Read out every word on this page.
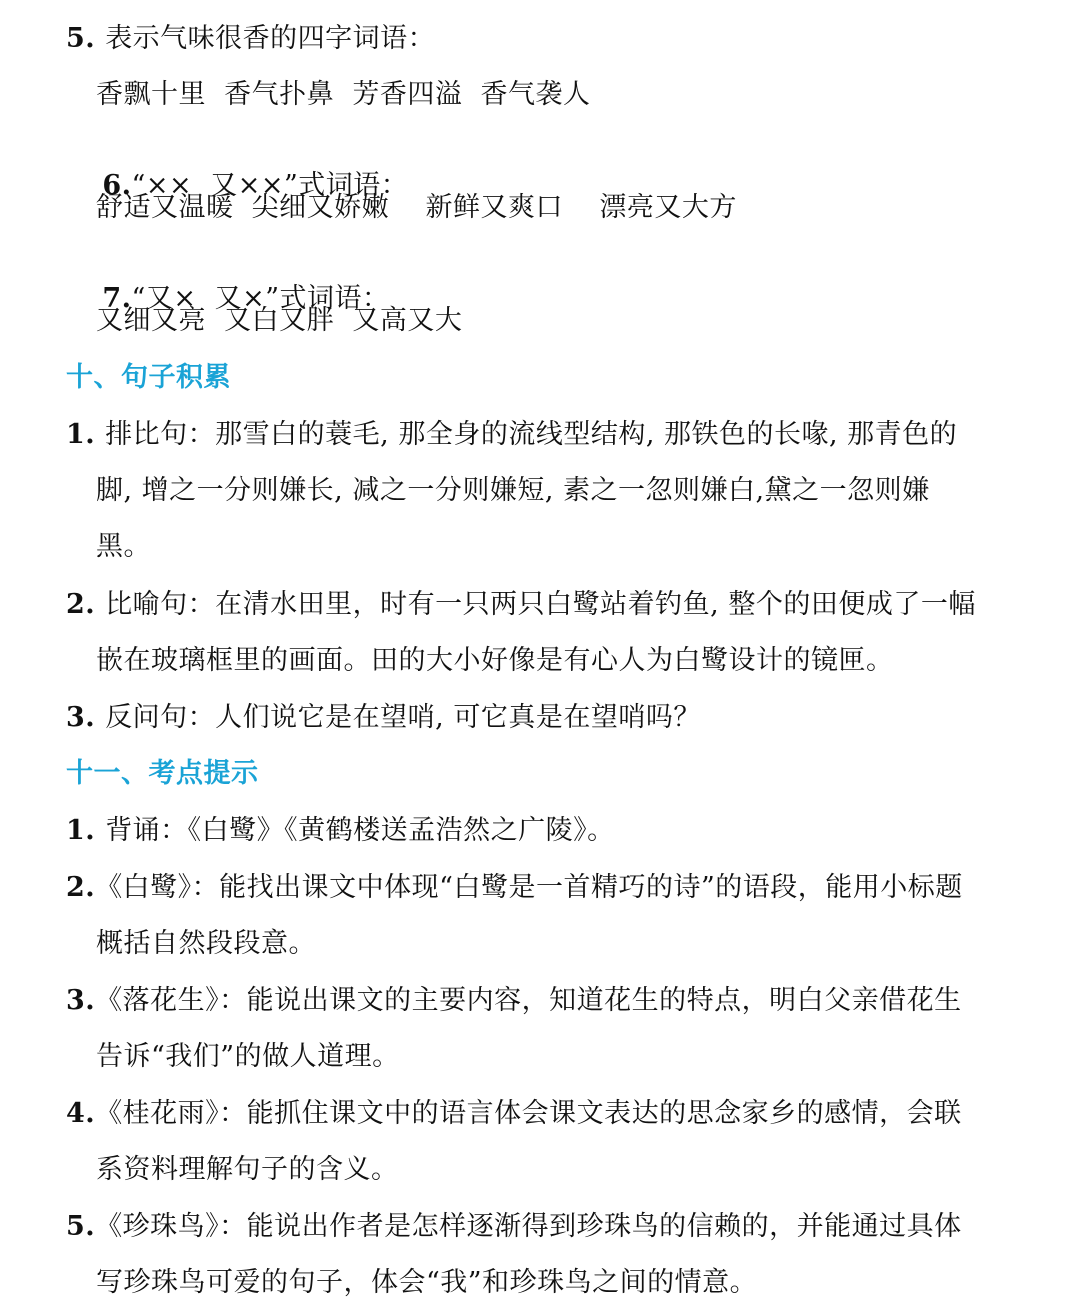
5. 表示气味很香的四字词语：
香飘十里  香气扑鼻  芳香四溢  香气袭人

6.“××  又××”式词语：

舒适又温暖  尖细又娇嫩    新鲜又爽口    漂亮又大方

7.“又×  又×”式词语：

又细又亮  又白又胖  又高又大
十、句子积累
1. 排比句：那雪白的蓑毛, 那全身的流线型结构, 那铁色的长喙, 那青色的
脚, 增之一分则嫌长, 减之一分则嫌短, 素之一忽则嫌白,黛之一忽则嫌
黑。
2. 比喻句：在清水田里，时有一只两只白鹭站着钓鱼, 整个的田便成了一幅
嵌在玻璃框里的画面。田的大小好像是有心人为白鹭设计的镜匣。
3. 反问句：人们说它是在望哨, 可它真是在望哨吗？
十一、考点提示
1. 背诵：《白鹭》《黄鹤楼送孟浩然之广陵》。
2.《白鹭》：能找出课文中体现“白鹭是一首精巧的诗”的语段，能用小标题
概括自然段段意。
3.《落花生》：能说出课文的主要内容，知道花生的特点，明白父亲借花生
告诉“我们”的做人道理。
4.《桂花雨》：能抓住课文中的语言体会课文表达的思念家乡的感情，会联
系资料理解句子的含义。
5.《珍珠鸟》：能说出作者是怎样逐渐得到珍珠鸟的信赖的，并能通过具体
写珍珠鸟可爱的句子，体会“我”和珍珠鸟之间的情意。
